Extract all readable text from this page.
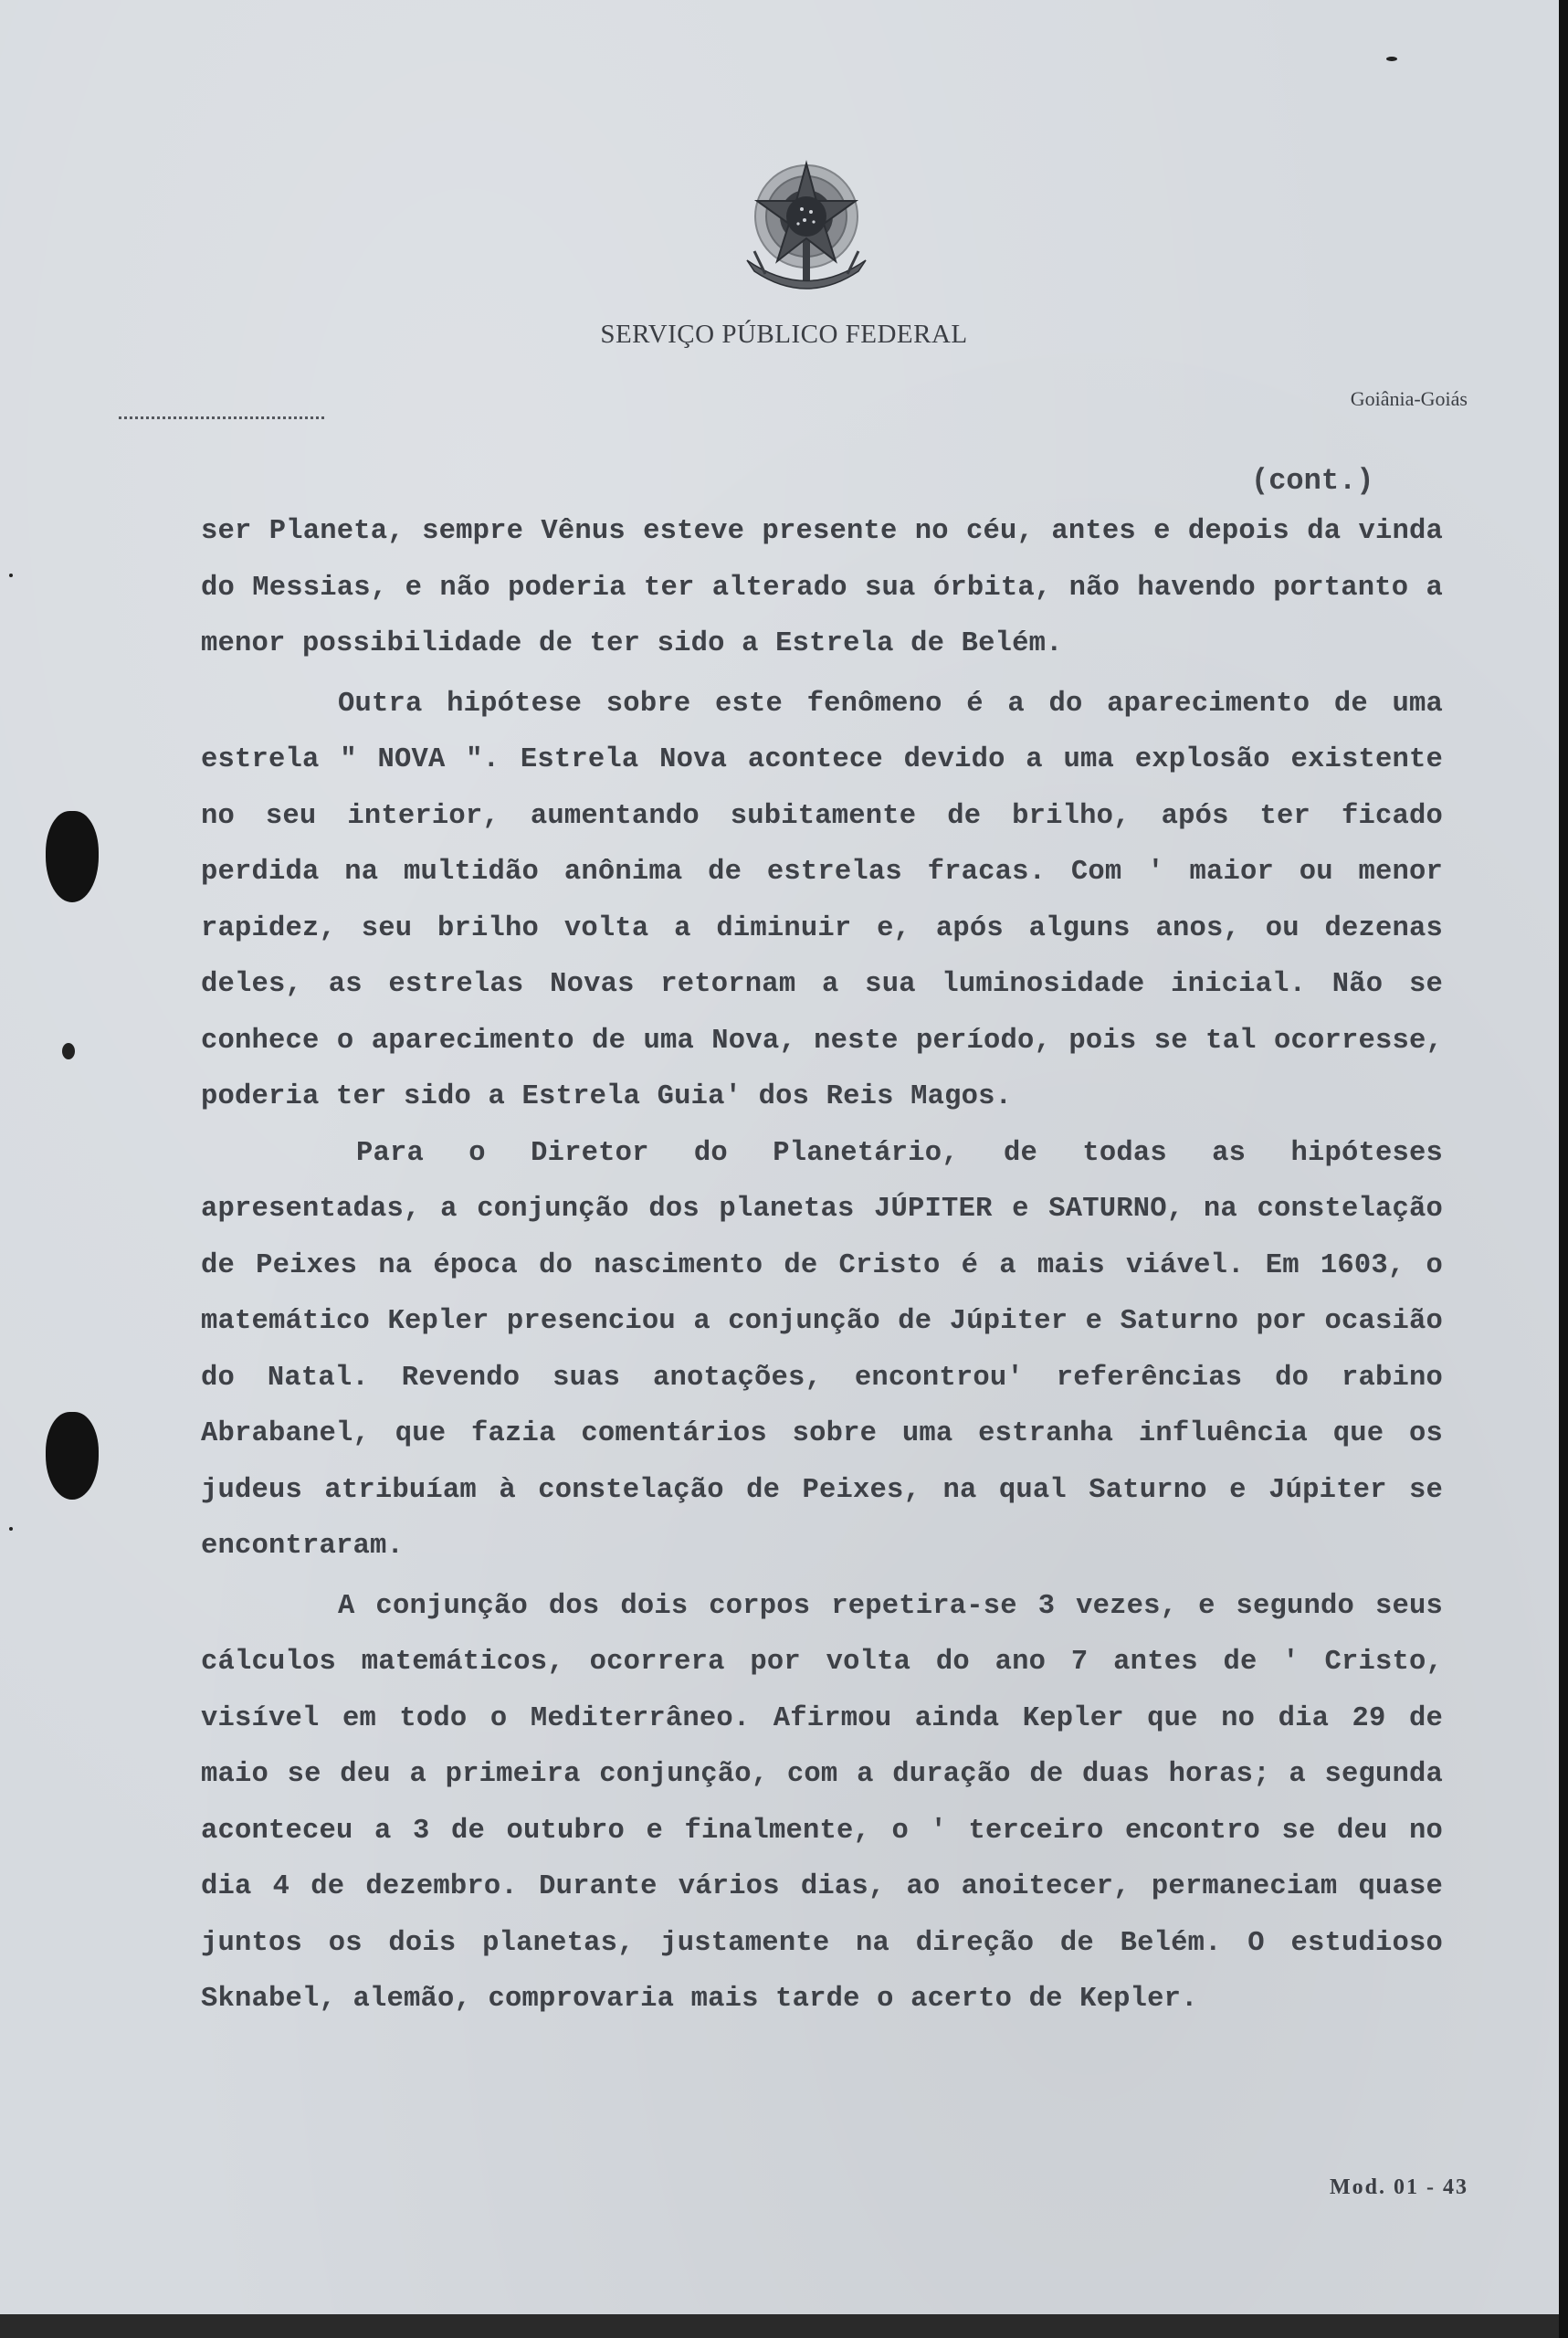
SERVIÇO PÚBLICO FEDERAL
Goiânia-Goiás
(cont.)

ser Planeta, sempre Vênus esteve presente no céu, antes e depois da vinda do Messias, e não poderia ter alterado sua órbita, não havendo portanto a menor possibilidade de ter sido a Estrela de Belém.

Outra hipótese sobre este fenômeno é a do aparecimento de uma estrela " NOVA ". Estrela Nova acontece devido a uma explosão existente no seu interior, aumentando subitamente de brilho, após ter ficado perdida na multidão anônima de estrelas fracas. Com ' maior ou menor rapidez, seu brilho volta a diminuir e, após alguns anos, ou dezenas deles, as estrelas Novas retornam a sua luminosidade inicial. Não se conhece o aparecimento de uma Nova, neste período, pois se tal ocorresse, poderia ter sido a Estrela Guia' dos Reis Magos.

Para o Diretor do Planetário, de todas as hipóteses apresentadas, a conjunção dos planetas JÚPITER e SATURNO, na constelação de Peixes na época do nascimento de Cristo é a mais viável. Em 1603, o matemático Kepler presenciou a conjunção de Júpiter e Saturno por ocasião do Natal. Revendo suas anotações, encontrou' referências do rabino Abrabanel, que fazia comentários sobre uma estranha influência que os judeus atribuíam à constelação de Peixes, na qual Saturno e Júpiter se encontraram.

A conjunção dos dois corpos repetira-se 3 vezes, e segundo seus cálculos matemáticos, ocorrera por volta do ano 7 antes de ' Cristo, visível em todo o Mediterrâneo. Afirmou ainda Kepler que no dia 29 de maio se deu a primeira conjunção, com a duração de duas horas; a segunda aconteceu a 3 de outubro e finalmente, o ' terceiro encontro se deu no dia 4 de dezembro. Durante vários dias, ao anoitecer, permaneciam quase juntos os dois planetas, justamente na direção de Belém. O estudioso Sknabel, alemão, comprovaria mais tarde o acerto de Kepler.

Mod. 01 - 43
